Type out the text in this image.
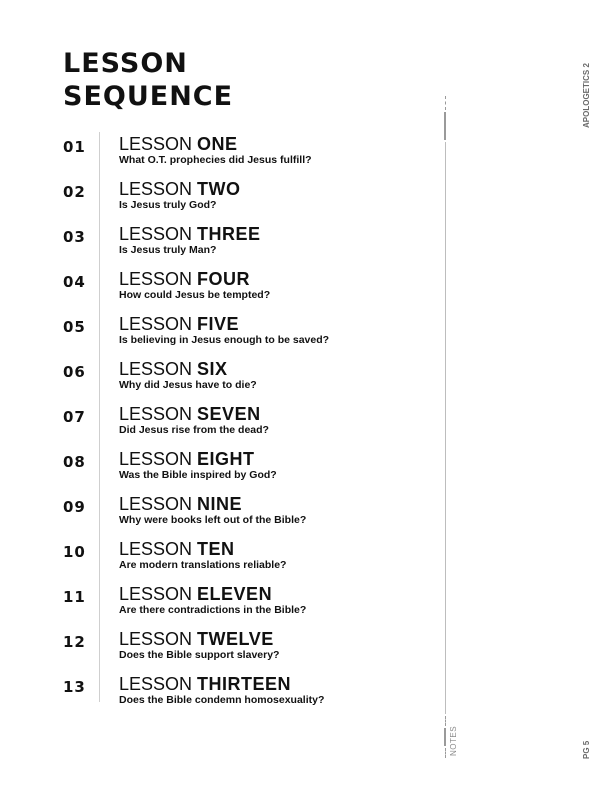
LESSON
SEQUENCE
01 LESSON ONE
What O.T. prophecies did Jesus fulfill?
02 LESSON TWO
Is Jesus truly God?
03 LESSON THREE
Is Jesus truly Man?
04 LESSON FOUR
How could Jesus be tempted?
05 LESSON FIVE
Is believing in Jesus enough to be saved?
06 LESSON SIX
Why did Jesus have to die?
07 LESSON SEVEN
Did Jesus rise from the dead?
08 LESSON EIGHT
Was the Bible inspired by God?
09 LESSON NINE
Why were books left out of the Bible?
10 LESSON TEN
Are modern translations reliable?
11 LESSON ELEVEN
Are there contradictions in the Bible?
12 LESSON TWELVE
Does the Bible support slavery?
13 LESSON THIRTEEN
Does the Bible condemn homosexuality?
NOTES
APOLOGETICS 2
PG 5
